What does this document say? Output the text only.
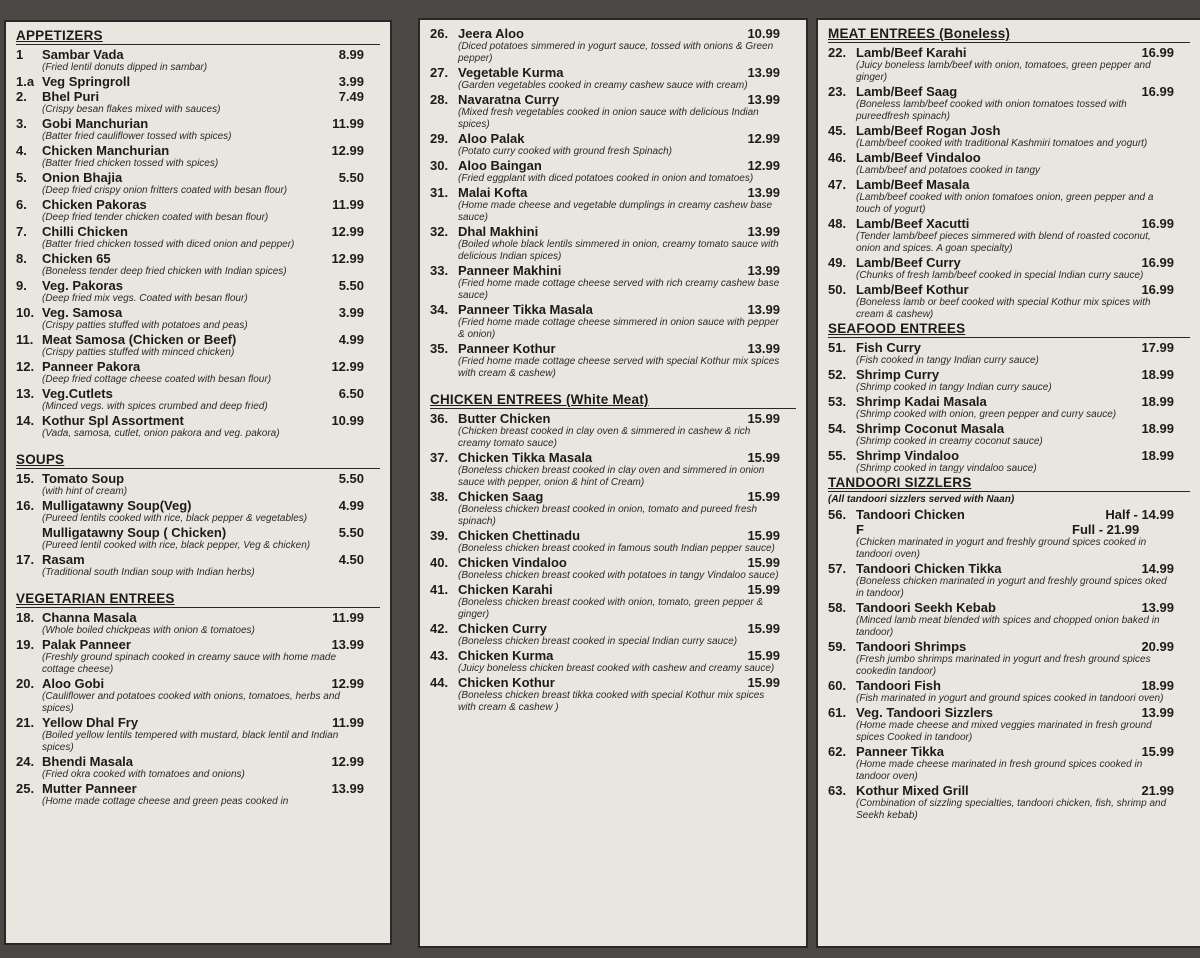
APPETIZERS
1	Sambar Vada	8.99
(Fried lentil donuts dipped in sambar)
1.a Veg Springroll	3.99
2.	Bhel Puri	7.49
(Crispy besan flakes mixed with sauces)
3.	Gobi Manchurian	11.99
(Batter fried cauliflower tossed with spices)
4.	Chicken Manchurian	12.99
(Batter fried chicken tossed with spices)
5.	Onion Bhajia	5.50
(Deep fried crispy onion fritters coated with besan flour)
6.	Chicken Pakoras	11.99
(Deep fried tender chicken coated with besan flour)
7.	Chilli Chicken	12.99
(Batter fried chicken tossed with diced onion and pepper)
8.	Chicken 65	12.99
(Boneless tender deep fried chicken with Indian spices)
9.	Veg. Pakoras	5.50
(Deep fried mix vegs. Coated with besan flour)
10. Veg. Samosa	3.99
(Crispy patties stuffed with potatoes and peas)
11. Meat Samosa (Chicken or Beef)	4.99
(Crispy patties stuffed with minced chicken)
12. Panneer Pakora	12.99
(Deep fried cottage cheese coated with besan flour)
13. Veg.Cutlets	6.50
(Minced vegs. with spices crumbed and deep fried)
14. Kothur Spl Assortment	10.99
(Vada, samosa, cutlet, onion pakora and veg. pakora)
SOUPS
15. Tomato Soup	5.50
(with hint of cream)
16. Mulligatawny Soup(Veg)	4.99
(Pureed lentils cooked with rice, black pepper & vegetables)
Mulligatawny Soup ( Chicken)	5.50
(Pureed lentil cooked with rice, black pepper, Veg & chicken)
17. Rasam	4.50
(Traditional south Indian soup with Indian herbs)
VEGETARIAN ENTREES
18. Channa Masala	11.99
(Whole boiled chickpeas with onion & tomatoes)
19. Palak Panneer	13.99
(Freshly ground spinach cooked in creamy sauce with home made cottage cheese)
20. Aloo Gobi	12.99
(Cauliflower and potatoes cooked with onions, tomatoes, herbs and spices)
21. Yellow Dhal Fry	11.99
(Boiled yellow lentils tempered with mustard, black lentil and Indian spices)
24. Bhendi Masala	12.99
(Fried okra cooked with tomatoes and onions)
25. Mutter Panneer	13.99
(Home made cottage cheese and green peas cooked in
26. Jeera Aloo	10.99
(Diced potatoes simmered in yogurt sauce, tossed with onions & Green pepper)
27. Vegetable Kurma	13.99
(Garden vegetables cooked in creamy cashew sauce with cream)
28. Navaratna Curry	13.99
(Mixed fresh vegetables cooked in onion sauce with delicious Indian spices)
29. Aloo Palak	12.99
(Potato curry cooked with ground fresh Spinach)
30. Aloo Baingan	12.99
(Fried eggplant with diced potatoes cooked in onion and tomatoes)
31. Malai Kofta	13.99
(Home made cheese and vegetable dumplings in creamy cashew base sauce)
32. Dhal Makhini	13.99
(Boiled whole black lentils simmered in onion, creamy tomato sauce with delicious Indian spices)
33. Panneer Makhini	13.99
(Fried home made cottage cheese served with rich creamy cashew base sauce)
34. Panneer Tikka Masala	13.99
(Fried home made cottage cheese simmered in onion sauce with pepper & onion)
35. Panneer Kothur	13.99
(Fried home made cottage cheese served with special Kothur mix spices with cream & cashew)
CHICKEN ENTREES (White Meat)
36. Butter Chicken	15.99
(Chicken breast cooked in clay oven & simmered in cashew & rich creamy tomato sauce)
37. Chicken Tikka Masala	15.99
(Boneless chicken breast cooked in clay oven and simmered in onion sauce with pepper, onion & hint of Cream)
38. Chicken Saag	15.99
(Boneless chicken breast cooked in onion, tomato and pureed fresh spinach)
39. Chicken Chettinadu	15.99
(Boneless chicken breast cooked in famous south Indian pepper sauce)
40. Chicken Vindaloo	15.99
(Boneless chicken breast cooked with potatoes in tangy Vindaloo sauce)
41. Chicken Karahi	15.99
(Boneless chicken breast cooked with onion, tomato, green pepper & ginger)
42. Chicken Curry	15.99
(Boneless chicken breast cooked in special Indian curry sauce)
43. Chicken Kurma	15.99
(Juicy boneless chicken breast cooked with cashew and creamy sauce)
44. Chicken Kothur	15.99
(Boneless chicken breast tikka cooked with special Kothur mix spices with cream & cashew )
MEAT ENTREES (Boneless)
22. Lamb/Beef Karahi	16.99
(Juicy boneless lamb/beef with onion, tomatoes, green pepper and ginger)
23. Lamb/Beef Saag	16.99
(Boneless lamb/beef cooked with onion tomatoes tossed with pureedfresh spinach)
45. Lamb/Beef Rogan Josh
(Lamb/beef cooked with traditional Kashmiri tomatoes and yogurt)
46. Lamb/Beef Vindaloo
(Lamb/beef and potatoes cooked in tangy
47. Lamb/Beef Masala
(Lamb/beef cooked with onion tomatoes onion, green pepper and a touch of yogurt)
48. Lamb/Beef Xacutti	16.99
(Tender lamb/beef pieces simmered with blend of roasted coconut, onion and spices. A goan specialty)
49. Lamb/Beef Curry	16.99
(Chunks of fresh lamb/beef cooked in special Indian curry sauce)
50. Lamb/Beef Kothur	16.99
(Boneless lamb or beef cooked with special Kothur mix spices with cream & cashew)
SEAFOOD ENTREES
51. Fish Curry	17.99
(Fish cooked in tangy Indian curry sauce)
52. Shrimp Curry	18.99
(Shrimp cooked in tangy Indian curry sauce)
53. Shrimp Kadai Masala	18.99
(Shrimp cooked with onion, green pepper and curry sauce)
54. Shrimp Coconut Masala	18.99
(Shrimp cooked in creamy coconut sauce)
55. Shrimp Vindaloo	18.99
(Shrimp cooked in tangy vindaloo sauce)
TANDOORI SIZZLERS
(All tandoori sizzlers served with Naan)
56. Tandoori Chicken	Half - 14.99
F	Full - 21.99
(Chicken marinated in yogurt and freshly ground spices cooked in tandoori oven)
57. Tandoori Chicken Tikka	14.99
(Boneless chicken marinated in yogurt and freshly ground spices oked in tandoor)
58. Tandoori Seekh Kebab	13.99
(Minced lamb meat blended with spices and chopped onion baked in tandoor)
59. Tandoori Shrimps	20.99
(Fresh jumbo shrimps marinated in yogurt and fresh ground spices cookedin tandoor)
60. Tandoori Fish	18.99
(Fish marinated in yogurt and ground spices cooked in tandoori oven)
61. Veg. Tandoori Sizzlers	13.99
(Home made cheese and mixed veggies marinated in fresh ground spices Cooked in tandoor)
62. Panneer Tikka	15.99
(Home made cheese marinated in fresh ground spices cooked in tandoor oven)
63. Kothur Mixed Grill	21.99
(Combination of sizzling specialties, tandoori chicken, fish, shrimp and Seekh kebab)
